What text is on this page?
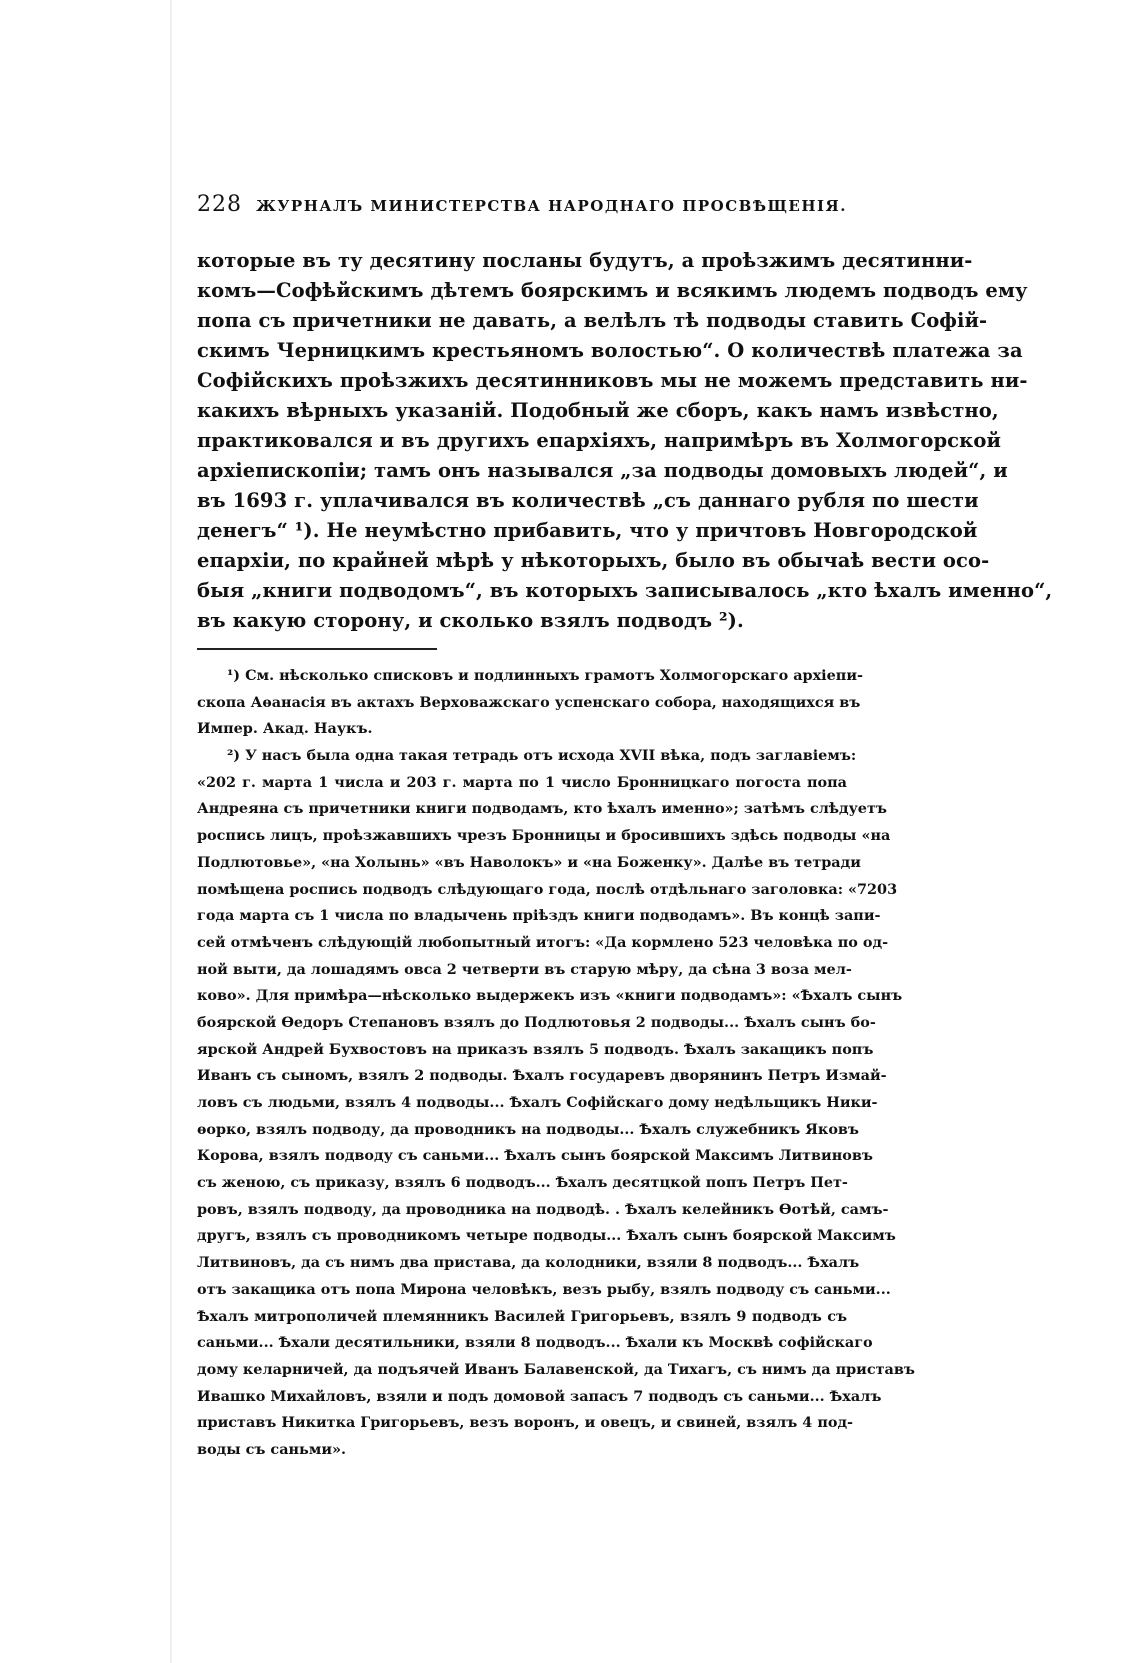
228 ЖУРНАЛЪ МИНИСТЕРСТВА НАРОДНАГО ПРОСВѢЩЕНІЯ.
которые въ ту десятину посланы будутъ, а проѣзжимъ десятинни-
комъ—Софѣйскимъ дѣтемъ боярскимъ и всякимъ людемъ подводъ ему
попа съ причетники не давать, а велѣлъ тѣ подводы ставить Софій-
скимъ Черницкимъ крестьяномъ волостью“. О количествѣ платежа за
Софійскихъ проѣзжихъ десятинниковъ мы не можемъ представить ни-
какихъ вѣрныхъ указаній. Подобный же сборъ, какъ намъ извѣстно,
практиковался и въ другихъ епархіяхъ, напримѣръ въ Холмогорской
архіепископіи; тамъ онъ назывался „за подводы домовыхъ людей“, и
въ 1693 г. уплачивался въ количествѣ „съ даннаго рубля по шести
денегъ“ ¹). Не неумѣстно прибавить, что у причтовъ Новгородской
епархіи, по крайней мѣрѣ у нѣкоторыхъ, было въ обычаѣ вести осо-
быя „книги подводомъ“, въ которыхъ записывалось „кто ѣхалъ именно“,
въ какую сторону, и сколько взялъ подводъ ²).
¹) См. нѣсколько списковъ и подлинныхъ грамотъ Холмогорскаго архіепи-
скопа Аѳанасія въ актахъ Верховажскаго успенскаго собора, находящихся въ
Импер. Акад. Наукъ.
²) У насъ была одна такая тетрадь отъ исхода XVII вѣка, подъ заглавіемъ:
«202 г. марта 1 числа и 203 г. марта по 1 число Бронницкаго погоста попа
Андреяна съ причетники книги подводамъ, кто ѣхалъ именно»; затѣмъ слѣдуетъ
роспись лицъ, проѣзжавшихъ чрезъ Бронницы и бросившихъ здѣсь подводы «на
Подлютовье», «на Холынь» «въ Наволокъ» и «на Боженку». Далѣе въ тетради
помѣщена роспись подводъ слѣдующаго года, послѣ отдѣльнаго заголовка: «7203
года марта съ 1 числа по владычень пріѣздъ книги подводамъ». Въ концѣ запи-
сей отмѣченъ слѣдующій любопытный итогъ: «Да кормлено 523 человѣка по од-
ной выти, да лошадямъ овса 2 четверти въ старую мѣру, да сѣна 3 воза мел-
ково». Для примѣра—нѣсколько выдержекъ изъ «книги подводамъ»: «Ѣхалъ сынъ
боярской Ѳедоръ Степановъ взялъ до Подлютовья 2 подводы... Ѣхалъ сынъ бо-
ярской Андрей Бухвостовъ на приказъ взялъ 5 подводъ. Ѣхалъ закащикъ попъ
Иванъ съ сыномъ, взялъ 2 подводы. Ѣхалъ государевъ дворянинъ Петръ Измай-
ловъ съ людьми, взялъ 4 подводы... Ѣхалъ Софійскаго дому недѣльщикъ Ники-
ѳорко, взялъ подводу, да проводникъ на подводы... Ѣхалъ служебникъ Яковъ
Корова, взялъ подводу съ саньми... Ѣхалъ сынъ боярской Максимъ Литвиновъ
съ женою, съ приказу, взялъ 6 подводъ... Ѣхалъ десятцкой попъ Петръ Пет-
ровъ, взялъ подводу, да проводника на подводѣ. . Ѣхалъ келейникъ Ѳотѣй, самъ-
другъ, взялъ съ проводникомъ четыре подводы... Ѣхалъ сынъ боярской Максимъ
Литвиновъ, да съ нимъ два пристава, да колодники, взяли 8 подводъ... Ѣхалъ
отъ закащика отъ попа Мирона человѣкъ, везъ рыбу, взялъ подводу съ саньми...
Ѣхалъ митрополичей племянникъ Василей Григорьевъ, взялъ 9 подводъ съ
саньми... Ѣхали десятильники, взяли 8 подводъ... Ѣхали къ Москвѣ софійскаго
дому келарничей, да подъячей Иванъ Балавенской, да Тихагъ, съ нимъ да приставъ
Ивашко Михайловъ, взяли и подъ домовой запасъ 7 подводъ съ саньми... Ѣхалъ
приставъ Никитка Григорьевъ, везъ воронъ, и овецъ, и свиней, взялъ 4 под-
воды съ саньми».
